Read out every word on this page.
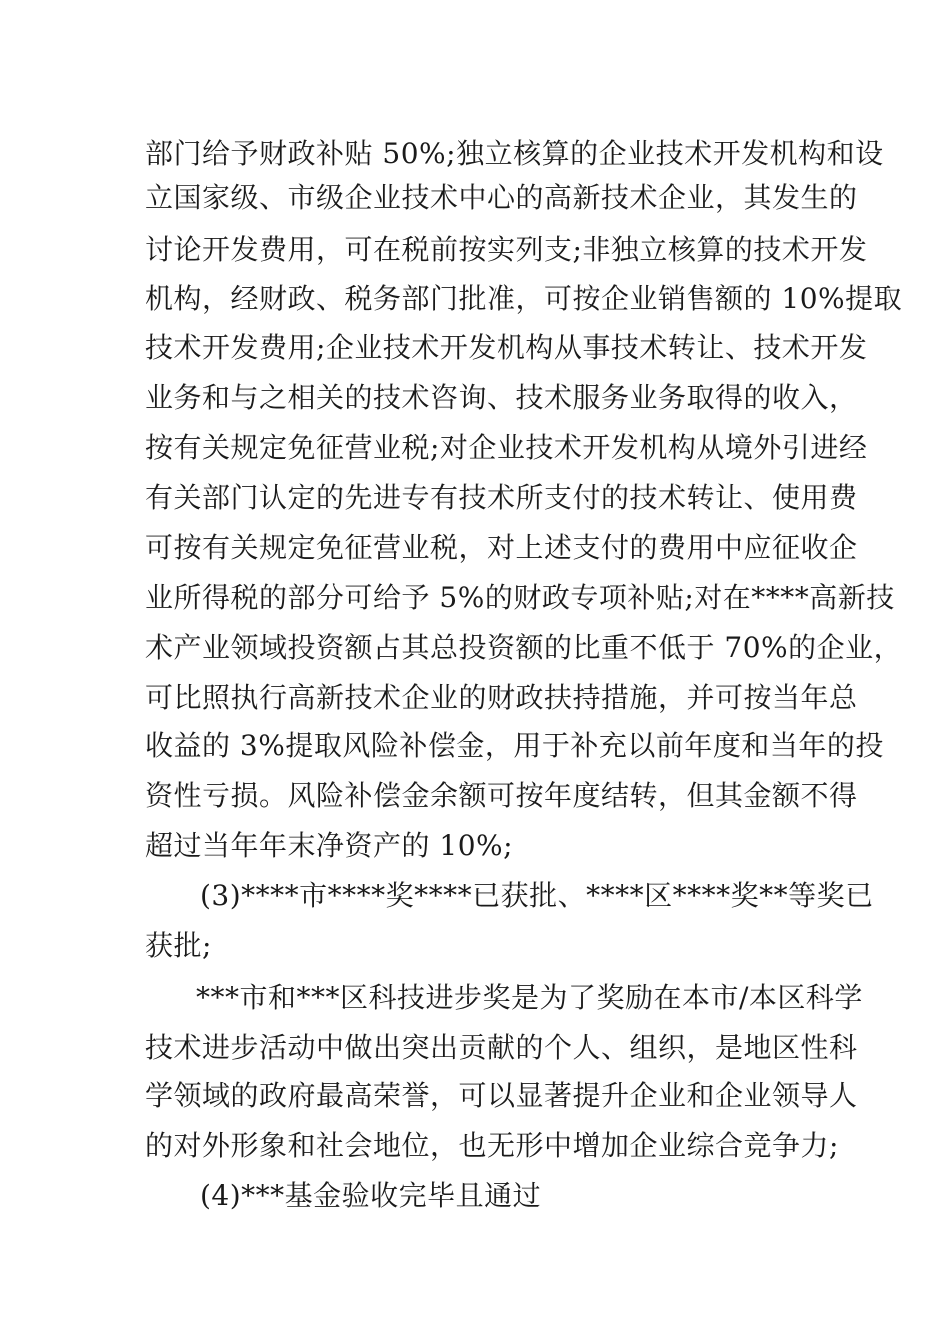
部门给予财政补贴 50%;独立核算的企业技术开发机构和设
立国家级、市级企业技术中心的高新技术企业，其发生的
讨论开发费用，可在税前按实列支;非独立核算的技术开发
机构，经财政、税务部门批准，可按企业销售额的 10%提取
技术开发费用;企业技术开发机构从事技术转让、技术开发
业务和与之相关的技术咨询、技术服务业务取得的收入，
按有关规定免征营业税;对企业技术开发机构从境外引进经
有关部门认定的先进专有技术所支付的技术转让、使用费
可按有关规定免征营业税，对上述支付的费用中应征收企
业所得税的部分可给予 5%的财政专项补贴;对在****高新技
术产业领域投资额占其总投资额的比重不低于 70%的企业，
可比照执行高新技术企业的财政扶持措施，并可按当年总
收益的 3%提取风险补偿金，用于补充以前年度和当年的投
资性亏损。风险补偿金余额可按年度结转，但其金额不得
超过当年年末净资产的 10%;
(3)****市****奖****已获批、****区****奖**等奖已
获批;
***市和***区科技进步奖是为了奖励在本市/本区科学
技术进步活动中做出突出贡献的个人、组织，是地区性科
学领域的政府最高荣誉，可以显著提升企业和企业领导人
的对外形象和社会地位，也无形中增加企业综合竞争力;
(4)***基金验收完毕且通过
